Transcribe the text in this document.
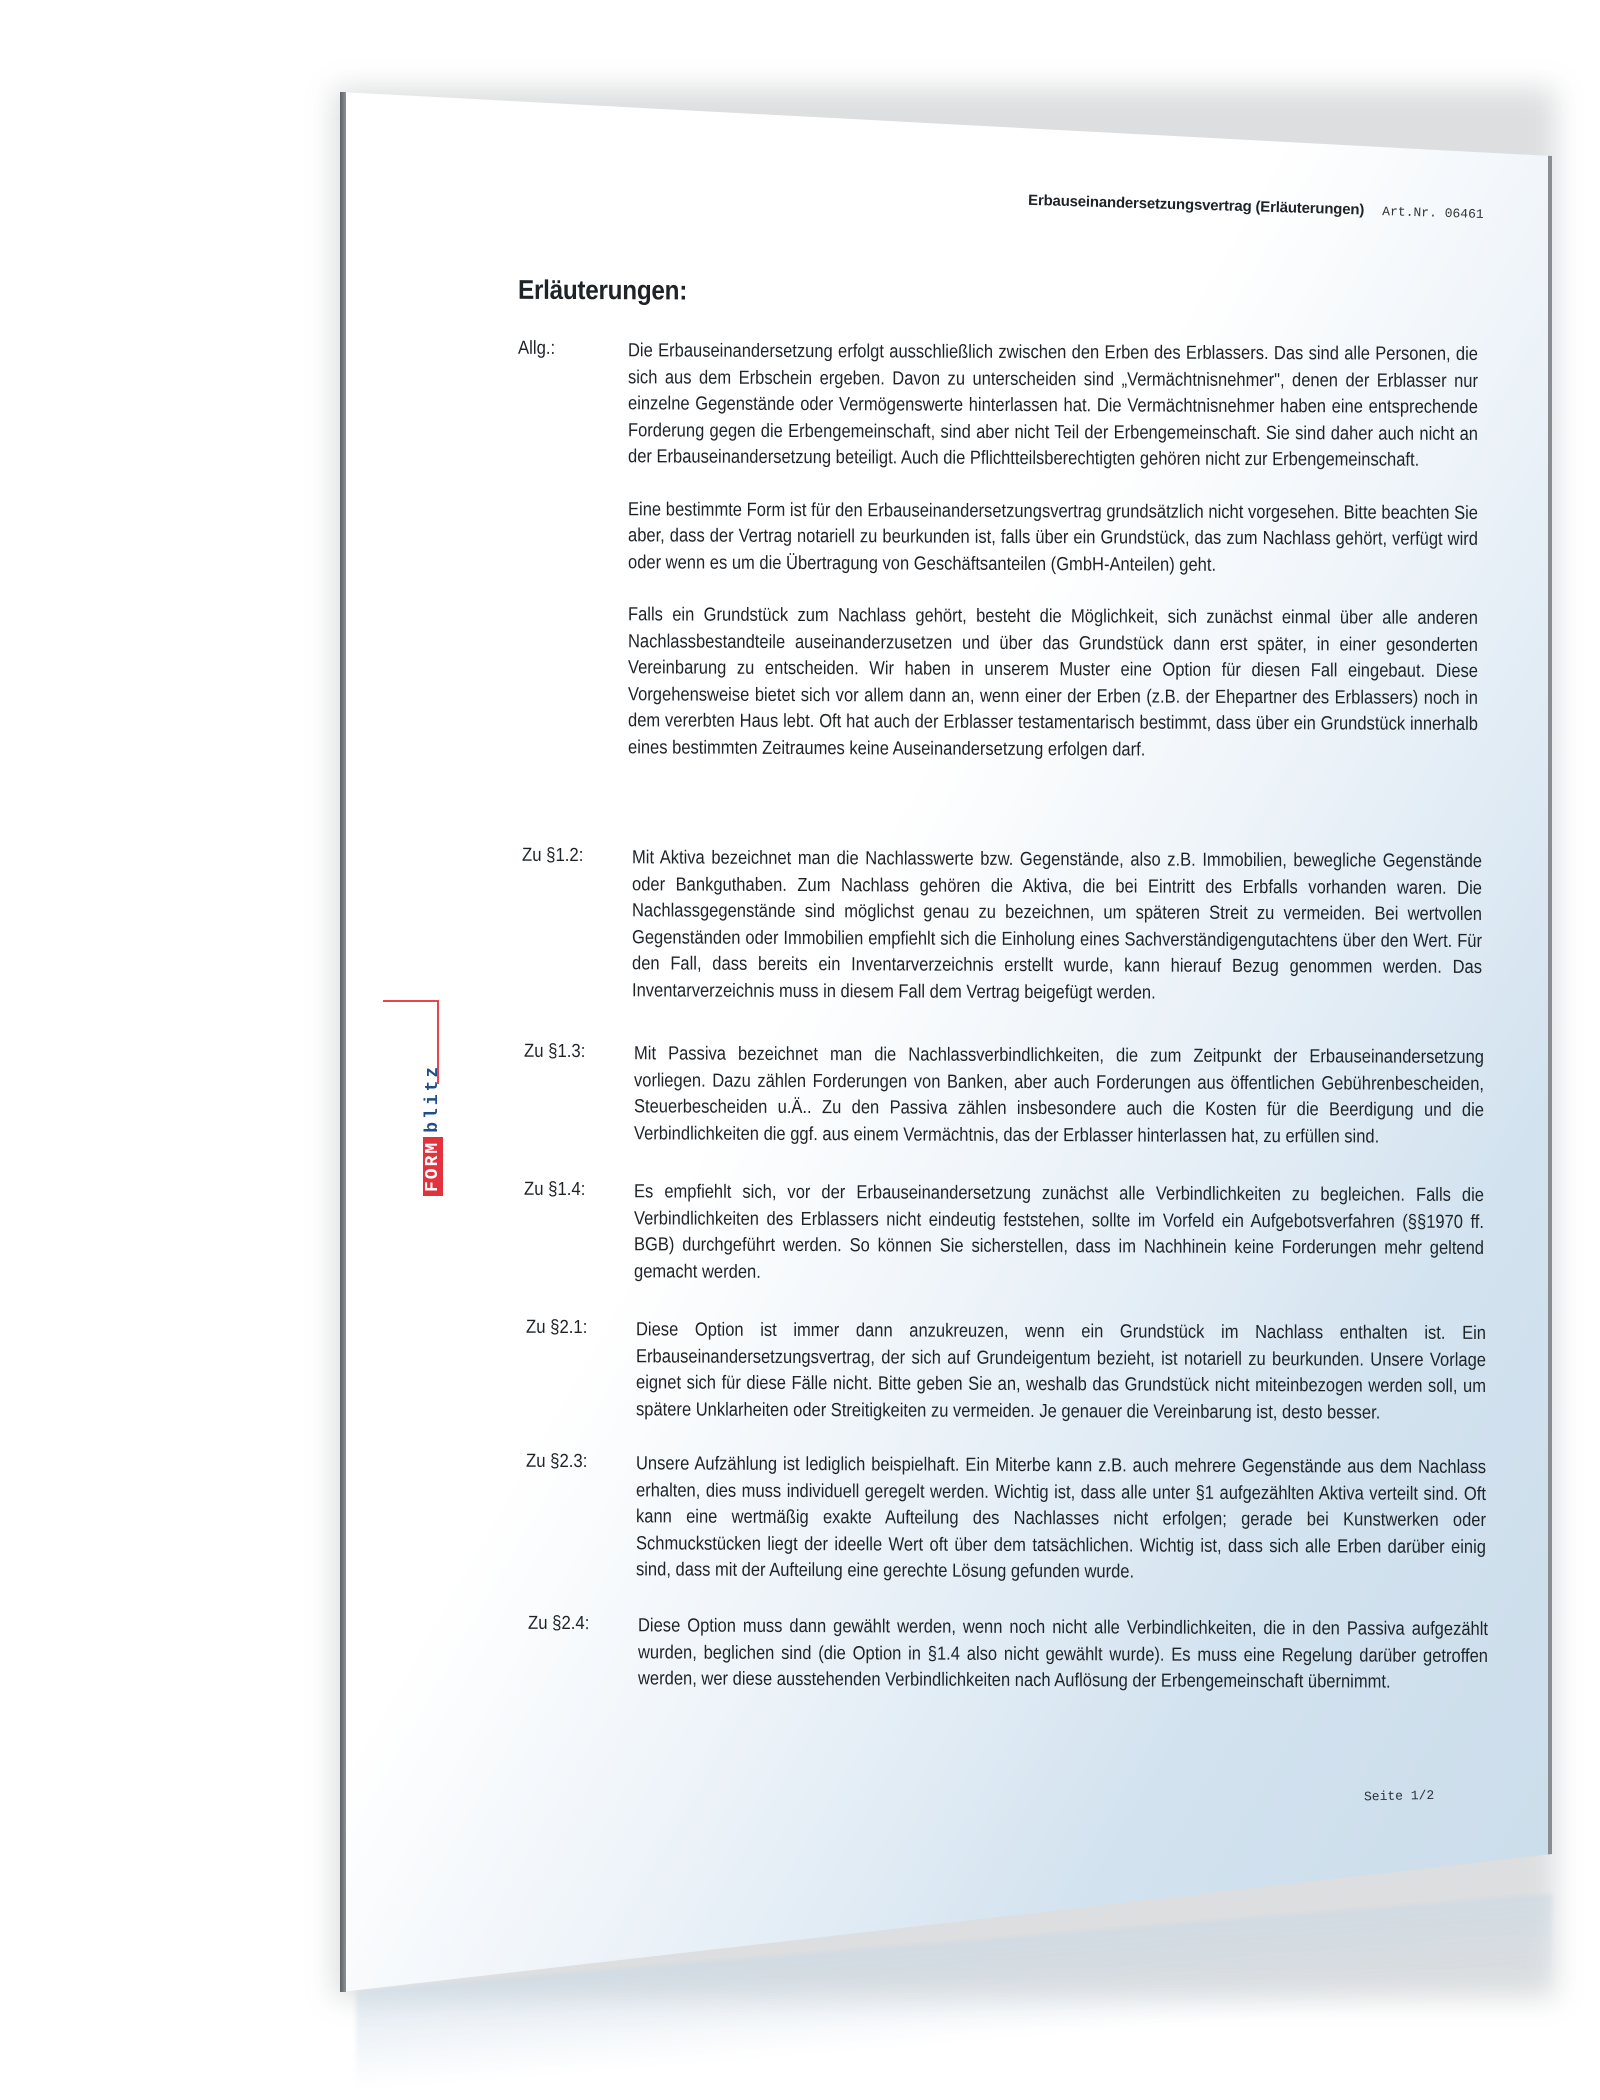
Erbauseinandersetzungsvertrag (Erläuterungen) Art.Nr. 06461
Erläuterungen:
Allg.:	Die Erbauseinandersetzung erfolgt ausschließlich zwischen den Erben des Erblassers. Das sind alle Personen, die sich aus dem Erbschein ergeben. Davon zu unterscheiden sind „Vermächtnisnehmer", denen der Erblasser nur einzelne Gegenstände oder Vermögenswerte hinterlassen hat. Die Vermächtnisnehmer haben eine entsprechende Forderung gegen die Erbengemeinschaft, sind aber nicht Teil der Erbengemeinschaft. Sie sind daher auch nicht an der Erbauseinandersetzung beteiligt. Auch die Pflichtteilsberechtigten gehören nicht zur Erbengemeinschaft.

Eine bestimmte Form ist für den Erbauseinandersetzungsvertrag grundsätzlich nicht vorgesehen. Bitte beachten Sie aber, dass der Vertrag notariell zu beurkunden ist, falls über ein Grundstück, das zum Nachlass gehört, verfügt wird oder wenn es um die Übertragung von Geschäftsanteilen (GmbH-Anteilen) geht.

Falls ein Grundstück zum Nachlass gehört, besteht die Möglichkeit, sich zunächst einmal über alle anderen Nachlassbestandteile auseinanderzusetzen und über das Grundstück dann erst später, in einer gesonderten Vereinbarung zu entscheiden. Wir haben in unserem Muster eine Option für diesen Fall eingebaut. Diese Vorgehensweise bietet sich vor allem dann an, wenn einer der Erben (z.B. der Ehepartner des Erblassers) noch in dem vererbten Haus lebt. Oft hat auch der Erblasser testamentarisch bestimmt, dass über ein Grundstück innerhalb eines bestimmten Zeitraumes keine Auseinandersetzung erfolgen darf.

Zu §1.2:	Mit Aktiva bezeichnet man die Nachlasswerte bzw. Gegenstände, also z.B. Immobilien, bewegliche Gegenstände oder Bankguthaben. Zum Nachlass gehören die Aktiva, die bei Eintritt des Erbfalls vorhanden waren. Die Nachlassgegenstände sind möglichst genau zu bezeichnen, um späteren Streit zu vermeiden. Bei wertvollen Gegenständen oder Immobilien empfiehlt sich die Einholung eines Sachverständigengutachtens über den Wert. Für den Fall, dass bereits ein Inventarverzeichnis erstellt wurde, kann hierauf Bezug genommen werden. Das Inventarverzeichnis muss in diesem Fall dem Vertrag beigefügt werden.

Zu §1.3:	Mit Passiva bezeichnet man die Nachlassverbindlichkeiten, die zum Zeitpunkt der Erbauseinandersetzung vorliegen. Dazu zählen Forderungen von Banken, aber auch Forderungen aus öffentlichen Gebührenbescheiden, Steuerbescheiden u.Ä.. Zu den Passiva zählen insbesondere auch die Kosten für die Beerdigung und die Verbindlichkeiten die ggf. aus einem Vermächtnis, das der Erblasser hinterlassen hat, zu erfüllen sind.

Zu §1.4:	Es empfiehlt sich, vor der Erbauseinandersetzung zunächst alle Verbindlichkeiten zu begleichen. Falls die Verbindlichkeiten des Erblassers nicht eindeutig feststehen, sollte im Vorfeld ein Aufgebotsverfahren (§§1970 ff. BGB) durchgeführt werden. So können Sie sicherstellen, dass im Nachhinein keine Forderungen mehr geltend gemacht werden.

Zu §2.1:	Diese Option ist immer dann anzukreuzen, wenn ein Grundstück im Nachlass enthalten ist. Ein Erbauseinandersetzungsvertrag, der sich auf Grundeigentum bezieht, ist notariell zu beurkunden. Unsere Vorlage eignet sich für diese Fälle nicht. Bitte geben Sie an, weshalb das Grundstück nicht miteinbezogen werden soll, um spätere Unklarheiten oder Streitigkeiten zu vermeiden. Je genauer die Vereinbarung ist, desto besser.

Zu §2.3:	Unsere Aufzählung ist lediglich beispielhaft. Ein Miterbe kann z.B. auch mehrere Gegenstände aus dem Nachlass erhalten, dies muss individuell geregelt werden. Wichtig ist, dass alle unter §1 aufgezählten Aktiva verteilt sind. Oft kann eine wertmäßig exakte Aufteilung des Nachlasses nicht erfolgen; gerade bei Kunstwerken oder Schmuckstücken liegt der ideelle Wert oft über dem tatsächlichen. Wichtig ist, dass sich alle Erben darüber einig sind, dass mit der Aufteilung eine gerechte Lösung gefunden wurde.

Zu §2.4:	Diese Option muss dann gewählt werden, wenn noch nicht alle Verbindlichkeiten, die in den Passiva aufgezählt wurden, beglichen sind (die Option in §1.4 also nicht gewählt wurde). Es muss eine Regelung darüber getroffen werden, wer diese ausstehenden Verbindlichkeiten nach Auflösung der Erbengemeinschaft übernimmt.

Seite 1/2
FORM
blitz
